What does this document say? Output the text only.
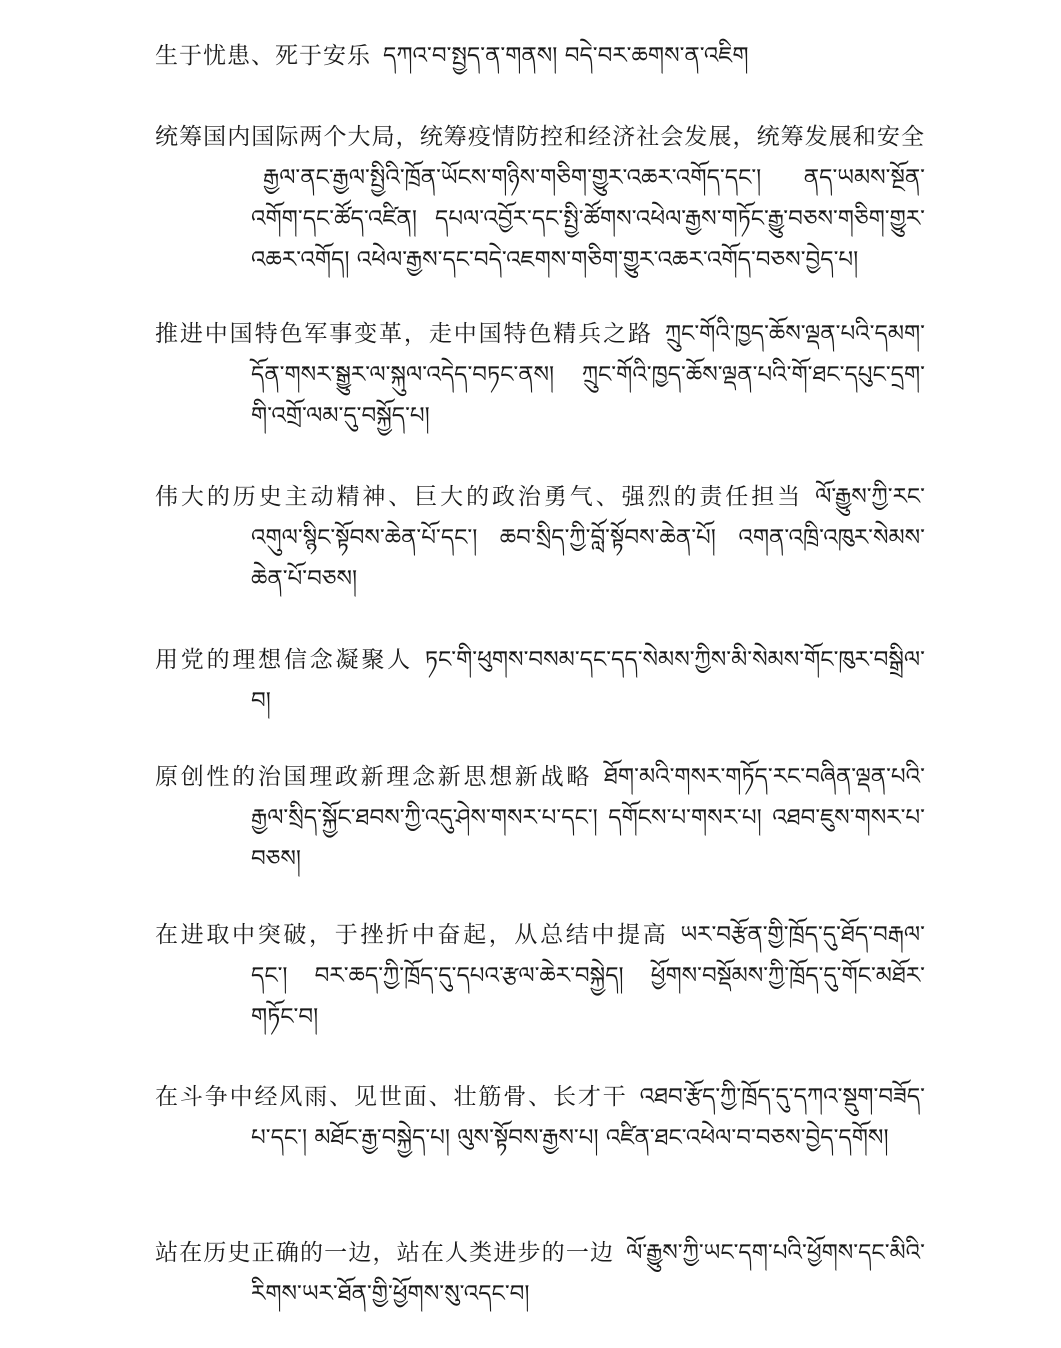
生于忧患、死于安乐 དཀའ་བ་སྤྱད་ན་གནས། བདེ་བར་ཆགས་ན་འཇིག

统筹国内国际两个大局，统筹疫情防控和经济社会发展，统筹发展和安全རྒྱལ་ནང་རྒྱལ་སྤྱིའི་ཁྲོན་ཡོངས་གཉིས་གཅིག་གྱུར་འཆར་འགོད་དང་། ནད་ཡམས་སྔོན་འགོག་དང་ཚོད་འཛིན། དཔལ་འབྱོར་དང་སྤྱི་ཚོགས་འཕེལ་རྒྱས་གཏོང་རྒྱུ་བཅས་གཅིག་གྱུར་འཆར་འགོད། འཕེལ་རྒྱས་དང་བདེ་འཇགས་གཅིག་གྱུར་འཆར་འགོད་བཅས་བྱེད་པ།

推进中国特色军事变革，走中国特色精兵之路 ཀྲུང་གོའི་ཁྱད་ཆོས་ལྡན་པའི་དམག་དོན་གསར་སྒྱུར་ལ་སྐུལ་འདེད་བཏང་ནས། ཀྲུང་གོའི་ཁྱད་ཆོས་ལྡན་པའི་གོ་ཐང་དཔུང་དྲག་གི་འགྲོ་ལམ་དུ་བསྐྱོད་པ།

伟大的历史主动精神、巨大的政治勇气、强烈的责任担当 ལོ་རྒྱུས་ཀྱི་རང་འགུལ་སྙིང་སྟོབས་ཆེན་པོ་དང་། ཆབ་སྲིད་ཀྱི་བློ་སྟོབས་ཆེན་པོ། འགན་འཁྲི་འཁུར་སེམས་ཆེན་པོ་བཅས།

用党的理想信念凝聚人 ཏང་གི་ཕུགས་བསམ་དང་དད་སེམས་ཀྱིས་མི་སེམས་གོང་ཁུར་བསྒྲིལ་བ།

原创性的治国理政新理念新思想新战略 ཐོག་མའི་གསར་གཏོད་རང་བཞིན་ལྡན་པའི་རྒྱལ་སྲིད་སྐྱོང་ཐབས་ཀྱི་འདུ་ཤེས་གསར་པ་དང་། དགོངས་པ་གསར་པ། འཐབ་ཇུས་གསར་པ་བཅས།

在进取中突破，于挫折中奋起，从总结中提高 ཡར་བརྩོན་གྱི་ཁྲོད་དུ་ཐོད་བརྒལ་དང་། བར་ཆད་ཀྱི་ཁྲོད་དུ་དཔའ་རྩལ་ཆེར་བསྐྱེད། ཕྱོགས་བསྡོམས་ཀྱི་ཁྲོད་དུ་གོང་མཐོར་གཏོང་བ།

在斗争中经风雨、见世面、壮筋骨、长才干 འཐབ་རྩོད་ཀྱི་ཁྲོད་དུ་དཀའ་སྡུག་བཟོད་པ་དང་། མཐོང་རྒྱ་བསྐྱེད་པ། ལུས་སྟོབས་རྒྱས་པ། འཛིན་ཐང་འཕེལ་བ་བཅས་བྱེད་དགོས།

站在历史正确的一边，站在人类进步的一边 ལོ་རྒྱུས་ཀྱི་ཡང་དག་པའི་ཕྱོགས་དང་མིའི་རིགས་ཡར་ཐོན་གྱི་ཕྱོགས་སུ་འདང་བ།
